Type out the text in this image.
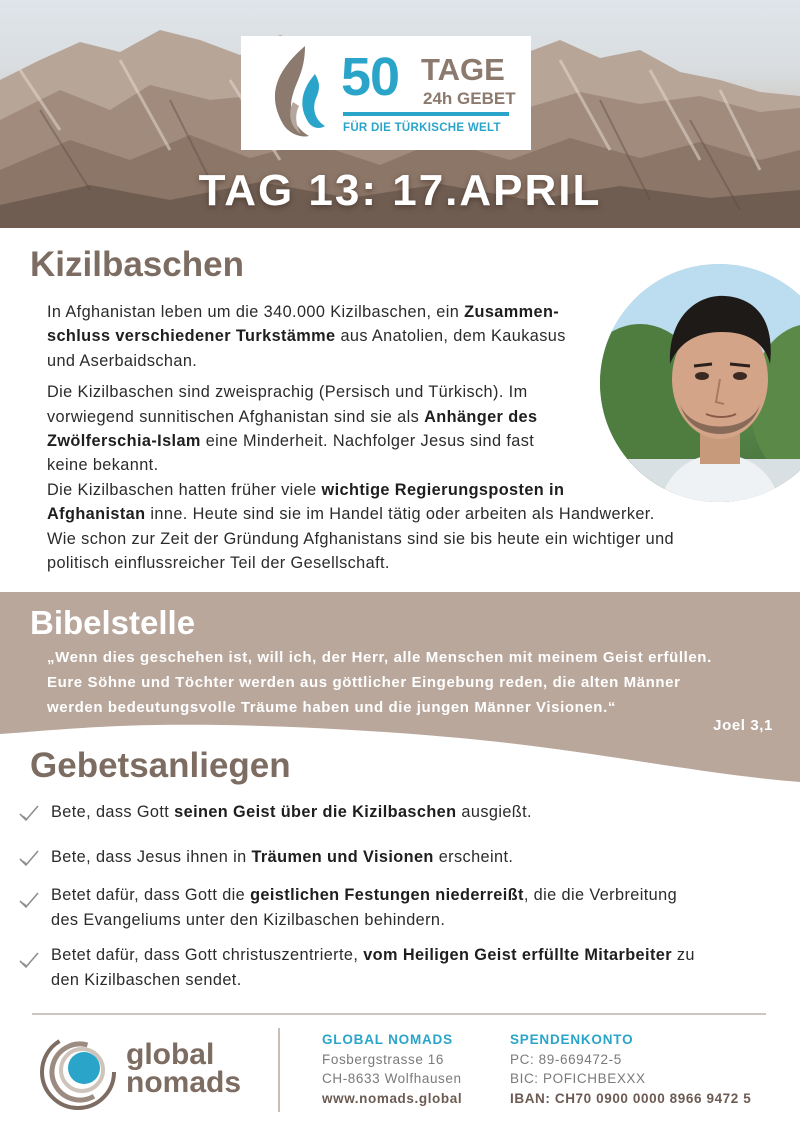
50 TAGE
24h GEBET
FÜR DIE TÜRKISCHE WELT
TAG 13: 17.APRIL
Kizilbaschen
In Afghanistan leben um die 340.000 Kizilbaschen, ein Zusammen-
schluss verschiedener Turkstämme aus Anatolien, dem Kaukasus
und Aserbaidschan.
Die Kizilbaschen sind zweisprachig (Persisch und Türkisch). Im
vorwiegend sunnitischen Afghanistan sind sie als Anhänger des
Zwölferschia-Islam eine Minderheit. Nachfolger Jesus sind fast
keine bekannt.
Die Kizilbaschen hatten früher viele wichtige Regierungsposten in
Afghanistan inne. Heute sind sie im Handel tätig oder arbeiten als Handwerker.
Wie schon zur Zeit der Gründung Afghanistans sind sie bis heute ein wichtiger und
politisch einflussreicher Teil der Gesellschaft.
Bibelstelle
„Wenn dies geschehen ist, will ich, der Herr, alle Menschen mit meinem Geist erfüllen.
Eure Söhne und Töchter werden aus göttlicher Eingebung reden, die alten Männer
werden bedeutungsvolle Träume haben und die jungen Männer Visionen.“
Joel 3,1
Gebetsanliegen
Bete, dass Gott seinen Geist über die Kizilbaschen ausgießt.
Bete, dass Jesus ihnen in Träumen und Visionen erscheint.
Betet dafür, dass Gott die geistlichen Festungen niederreißt, die die Verbreitung
des Evangeliums unter den Kizilbaschen behindern.
Betet dafür, dass Gott christuszentrierte, vom Heiligen Geist erfüllte Mitarbeiter zu
den Kizilbaschen sendet.
global
nomads
GLOBAL NOMADS
Fosbergstrasse 16
CH-8633 Wolfhausen
www.nomads.global
SPENDENKONTO
PC: 89-669472-5
BIC: POFICHBEXXX
IBAN: CH70 0900 0000 8966 9472 5
